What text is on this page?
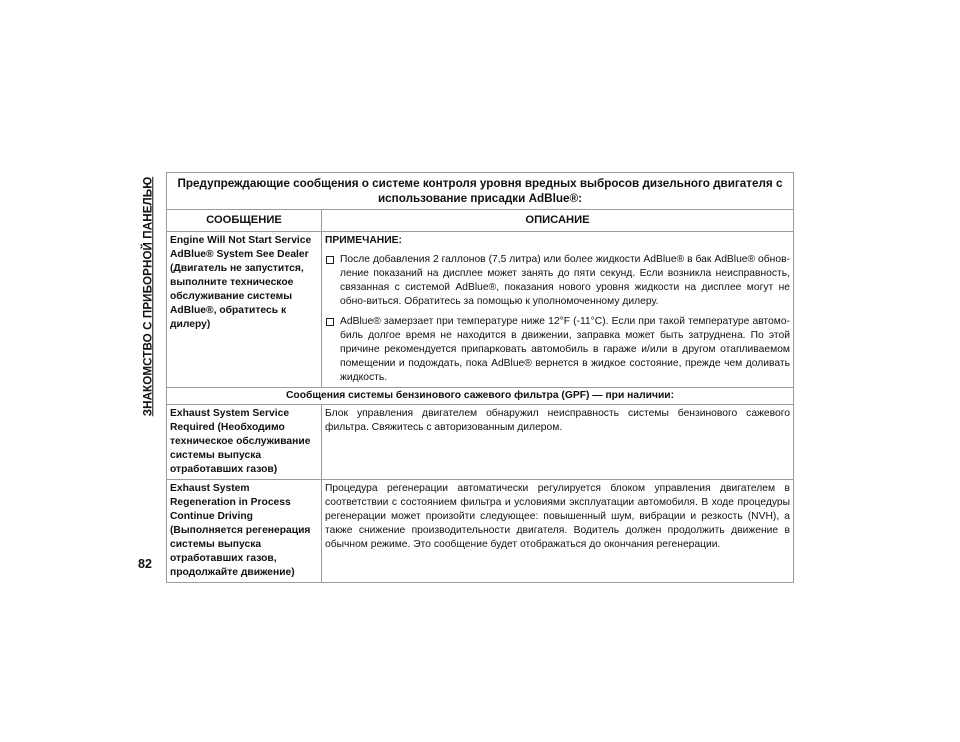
ЗНАКОМСТВО С ПРИБОРНОЙ ПАНЕЛЬЮ Предупреждающие сообщения о системе контроля уровня вредных выбросов дизельного двигателя с использование присадки AdBlue®:	
СООБЩЕНИЕ	ОПИСАНИЕ
Engine Will Not Start Service AdBlue® System See Dealer (Двигатель не запустится, выполните техническое обслуживание системы AdBlue®, обратитесь к дилеру)	ПРИМЕЧАНИЕ:
После добавления 2 галлонов (7,5 литра) или более жидкости AdBlue® в бак AdBlue® обнов-ление показаний на дисплее может занять до пяти секунд. Если возникла неисправность, связанная с системой AdBlue®, показания нового уровня жидкости на дисплее могут не обно-виться. Обратитесь за помощью к уполномоченному дилеру.
AdBlue® замерзает при температуре ниже 12°F (-11°C). Если при такой температуре автомо-биль долгое время не находится в движении, заправка может быть затруднена. По этой причине рекомендуется припарковать автомобиль в гараже и/или в другом отапливаемом помещении и подождать, пока AdBlue® вернется в жидкое состояние, прежде чем доливать жидкость.

Сообщения системы бензинового сажевого фильтра (GPF) — при наличии:	
Exhaust System Service Required (Необходимо техническое обслуживание системы выпуска отработавших газов)	Блок управления двигателем обнаружил неисправность системы бензинового сажевого фильтра. Свяжитесь с авторизованным дилером.

Exhaust System Regeneration in Process Continue Driving (Выполняется регенерация системы выпуска отработавших газов, продолжайте движение)	Процедура регенерации автоматически регулируется блоком управления двигателем в соответствии с состоянием фильтра и условиями эксплуатации автомобиля. В ходе процедуры регенерации может произойти следующее: повышенный шум, вибрации и резкость (NVH), а также снижение производительности двигателя. Водитель должен продолжить движение в обычном режиме. Это сообщение будет отображаться до окончания регенерации.
82
